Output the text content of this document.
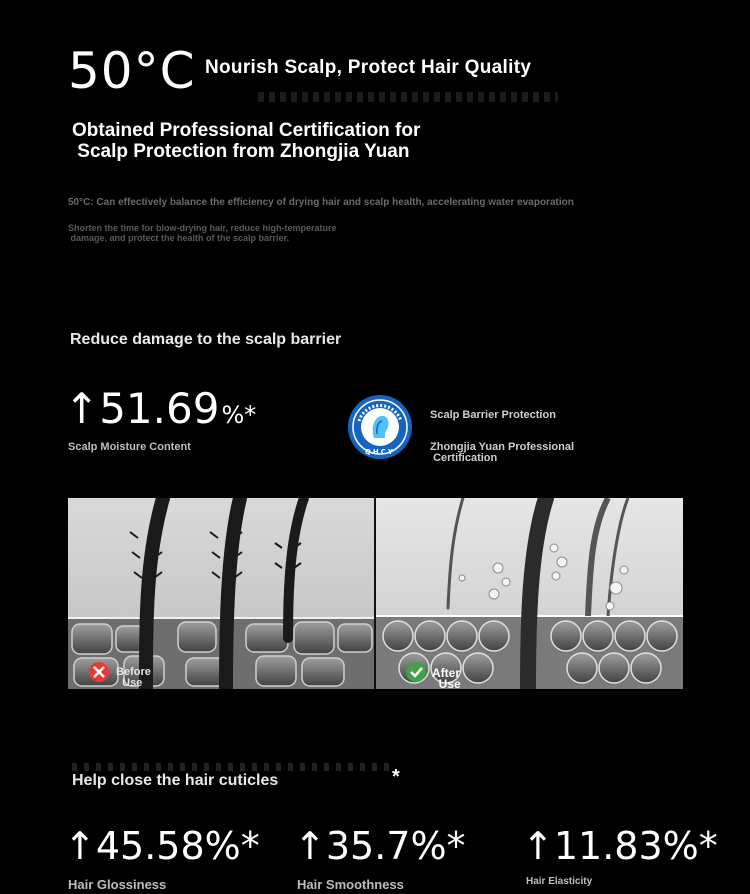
50°C Nourish Scalp, Protect Hair Quality
Obtained Professional Certification for
Scalp Protection from Zhongjia Yuan
50°C: Can effectively balance the efficiency of drying hair and scalp health, accelerating water evaporation
Shorten the time for blow-drying hair, reduce high-temperature
damage, and protect the health of the scalp barrier.
Reduce damage to the scalp barrier
↑ 51.69 %*
Scalp Moisture Content	QHCY
Scalp Barrier Protection
Zhongjia Yuan Professional
Certification
Before
Use
After
Use
Help close the hair cuticles	*
↑ 45.58%* ↑ 35.7%* ↑ 11.83%*
Hair Glossiness	Hair Smoothness	Hair Elasticity
